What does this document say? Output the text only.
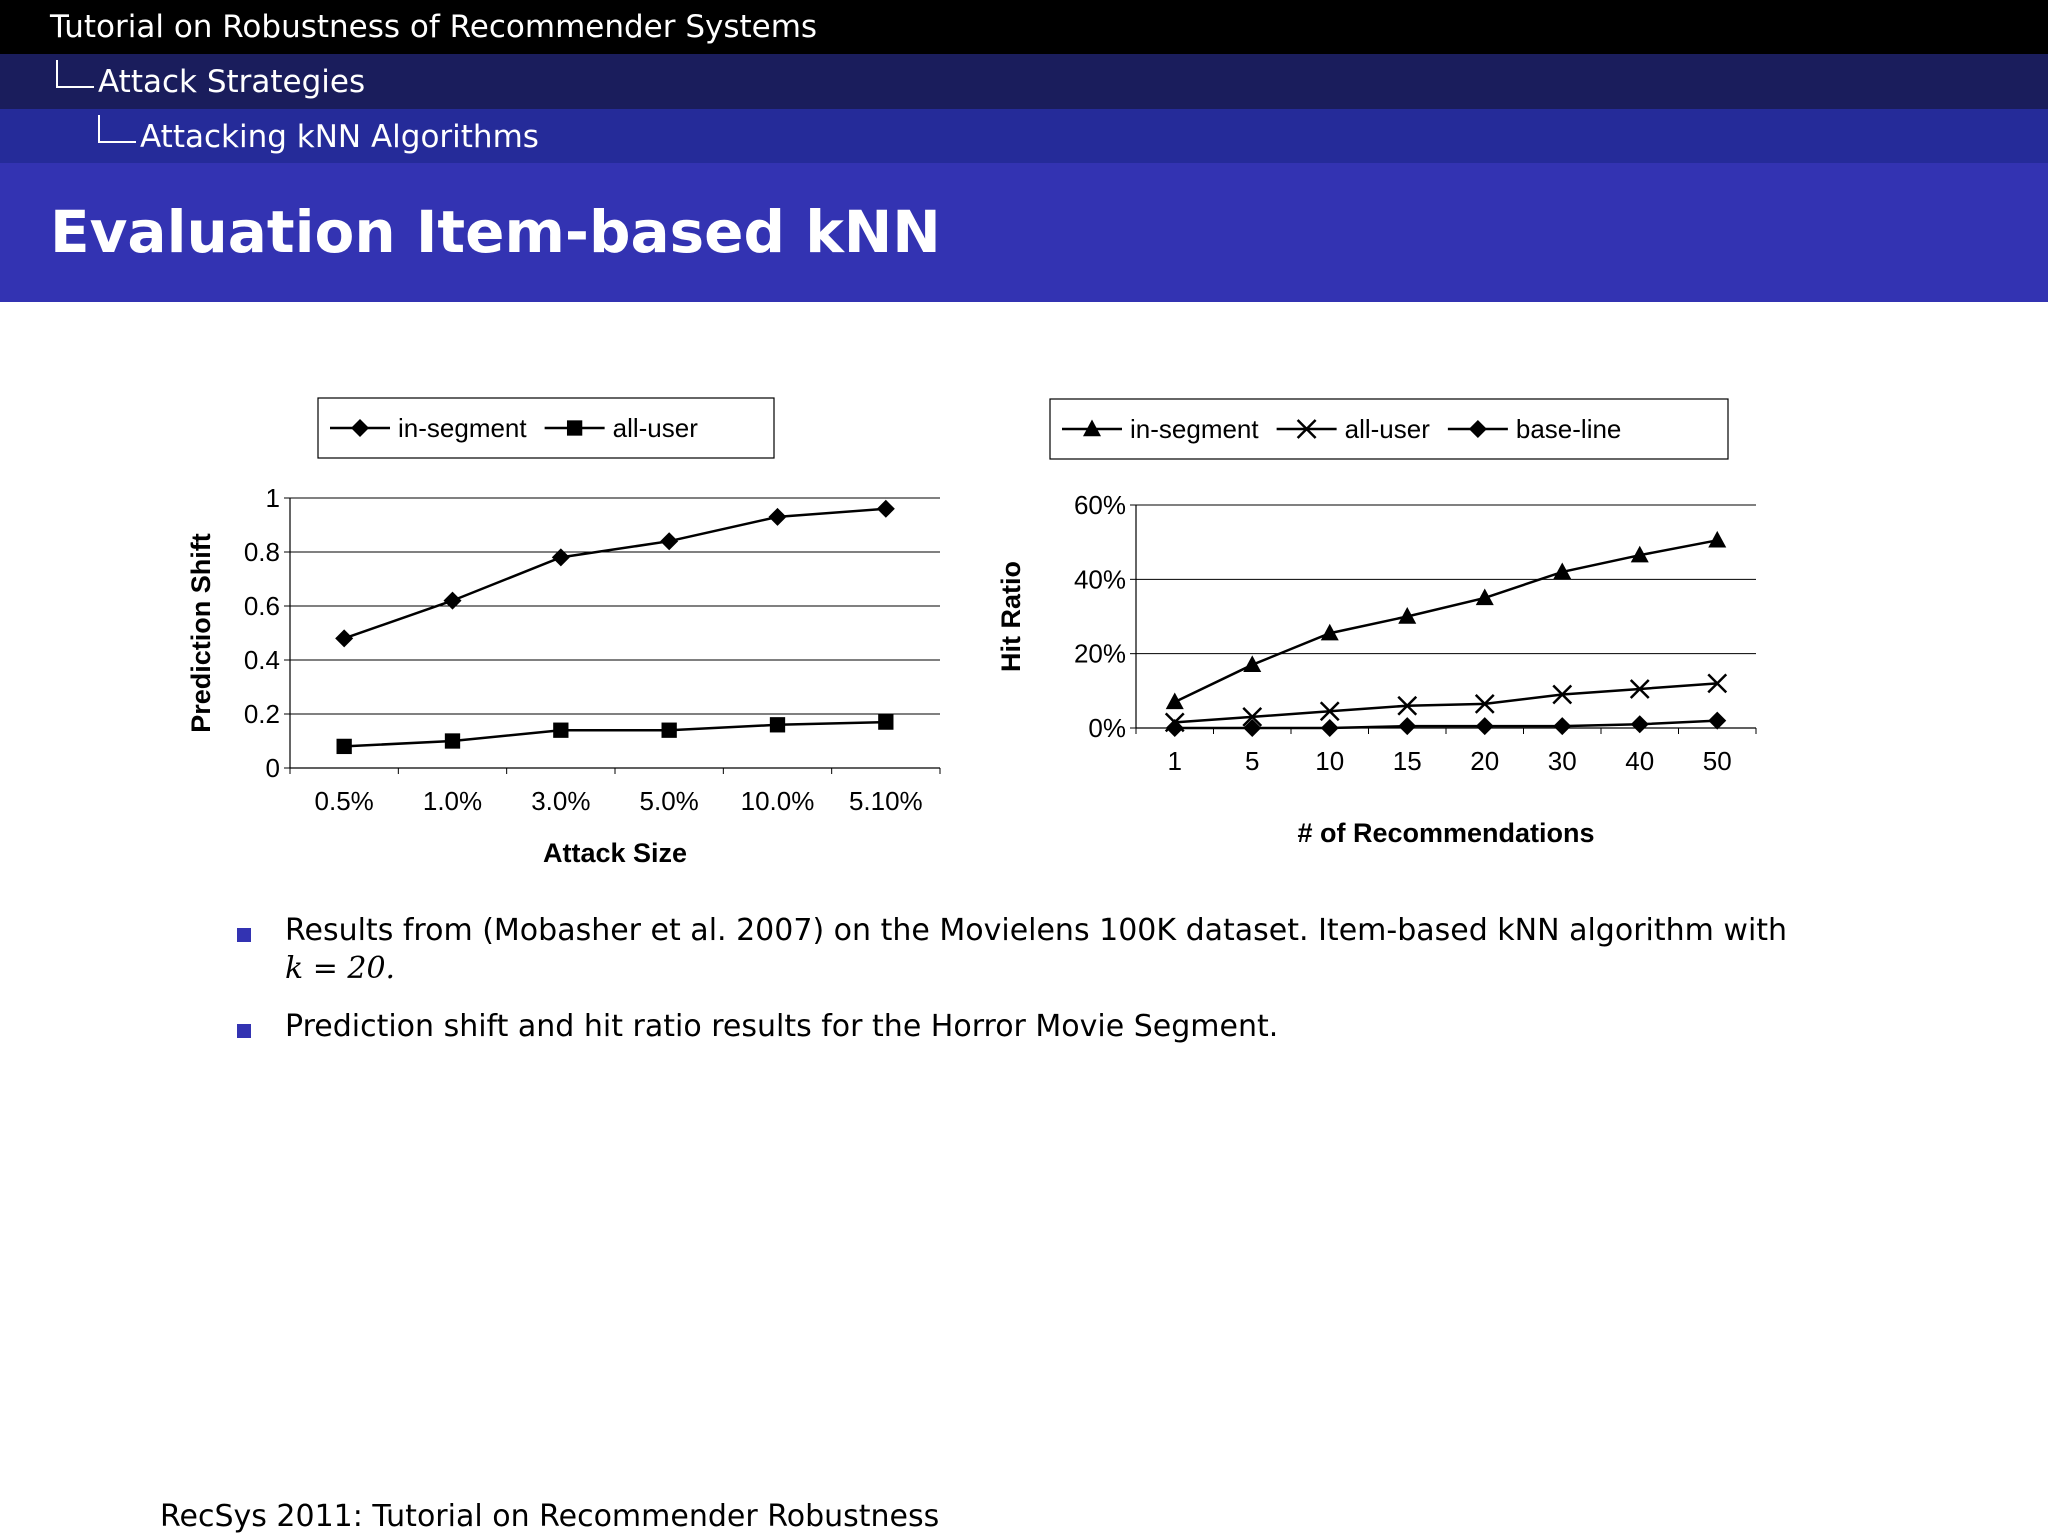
Tutorial on Robustness of Recommender Systems
Attack Strategies
Attacking kNN Algorithms
Evaluation Item-based kNN
0
0.2
0.4
0.6
0.8
1
0.5% 1.0% 3.0% 5.0% 10.0% 5.10%
Attack Size
Prediction Shift
in-segment	all-user
0%
20%
40%
60%
1 5 10 15 20 30 40 50
# of Recommendations
Hit Ratio
in-segment	all-user	base-line
Results from (Mobasher et al. 2007) on the Movielens 100K dataset. Item-based kNN algorithm with
k = 20.
Prediction shift and hit ratio results for the Horror Movie Segment.
RecSys 2011: Tutorial on Recommender Robustness
